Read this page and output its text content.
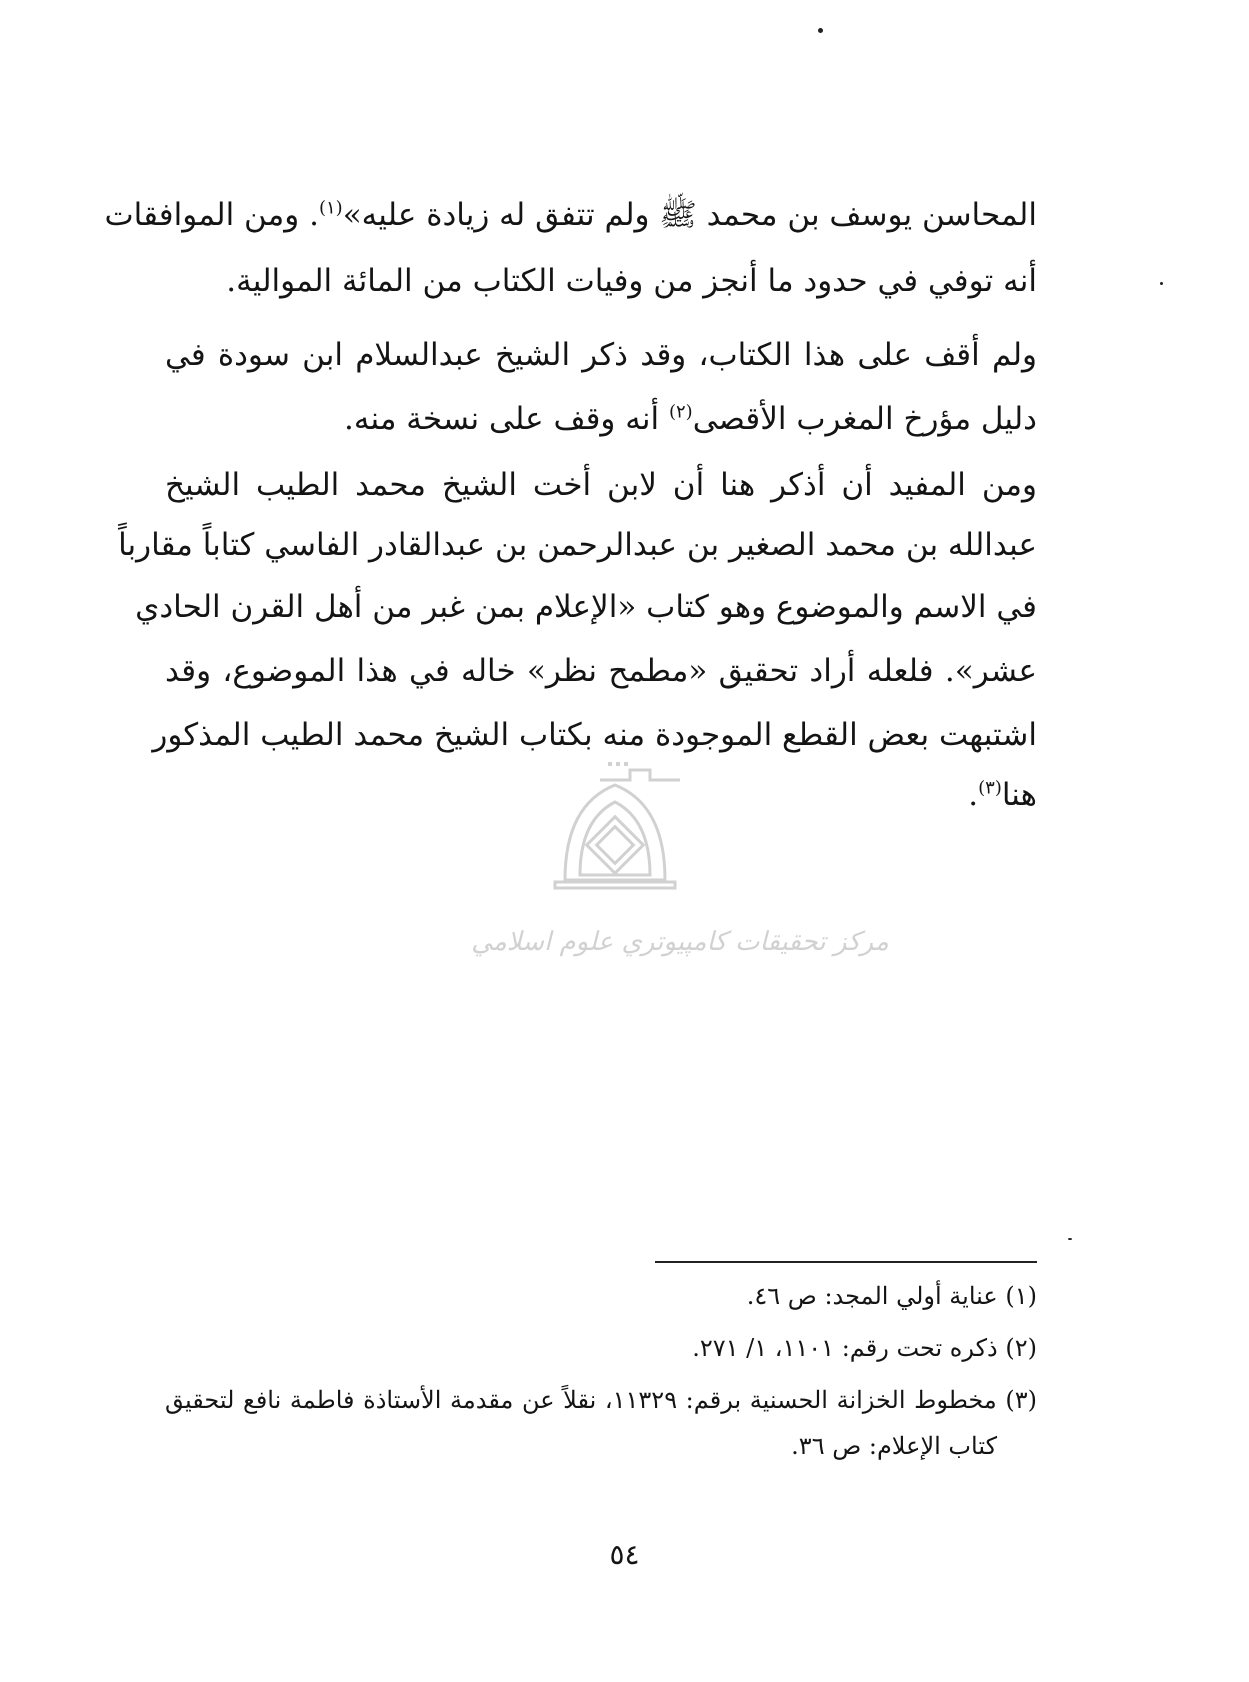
المحاسن يوسف بن محمد ﷺ ولم تتفق له زيادة عليه»$^{(١)}$. ومن الموافقات
أنه توفي في حدود ما أنجز من وفيات الكتاب من المائة الموالية.
ولم أقف على هذا الكتاب، وقد ذكر الشيخ عبدالسلام ابن سودة في
دليل مؤرخ المغرب الأقصى$^{(٢)}$ أنه وقف على نسخة منه.
ومن المفيد أن أذكر هنا أن لابن أخت الشيخ محمد الطيب الشيخ
عبدالله بن محمد الصغير بن عبدالرحمن بن عبدالقادر الفاسي كتاباً مقارباً
في الاسم والموضوع وهو كتاب «الإعلام بمن غبر من أهل القرن الحادي
عشر». فلعله أراد تحقيق «مطمح نظر» خاله في هذا الموضوع، وقد
اشتبهت بعض القطع الموجودة منه بكتاب الشيخ محمد الطيب المذكور
هنا$^{(٣)}$.
مركز تحقيقات كامپيوتري علوم اسلامي
(١) عناية أولي المجد: ص ٤٦.
(٢) ذكره تحت رقم: ١١٠١، ١/ ٢٧١.
(٣) مخطوط الخزانة الحسنية برقم: ١١٣٢٩، نقلاً عن مقدمة الأستاذة فاطمة نافع لتحقيق
كتاب الإعلام: ص ٣٦.
٥٤
